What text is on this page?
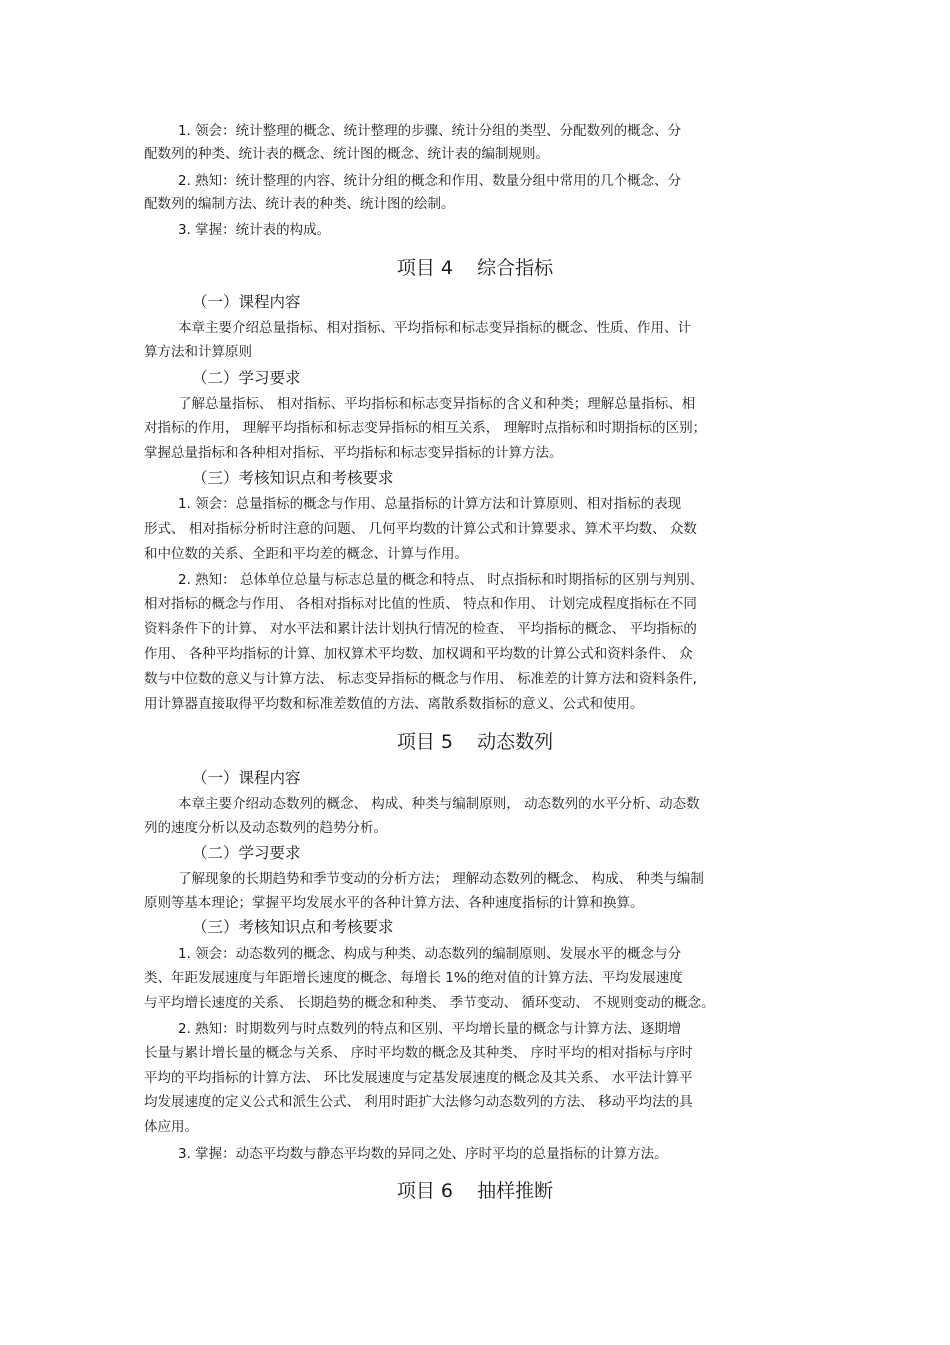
1. 领会：统计整理的概念、统计整理的步骤、统计分组的类型、分配数列的概念、分
配数列的种类、统计表的概念、统计图的概念、统计表的编制规则。
2. 熟知：统计整理的内容、统计分组的概念和作用、数量分组中常用的几个概念、分
配数列的编制方法、统计表的种类、统计图的绘制。
3. 掌握：统计表的构成。
项目 4    综合指标
（一）课程内容
本章主要介绍总量指标、相对指标、平均指标和标志变异指标的概念、性质、作用、计
算方法和计算原则
（二）学习要求
了解总量指标、 相对指标、平均指标和标志变异指标的含义和种类；理解总量指标、相
对指标的作用， 理解平均指标和标志变异指标的相互关系， 理解时点指标和时期指标的区别；
掌握总量指标和各种相对指标、平均指标和标志变异指标的计算方法。
（三）考核知识点和考核要求
1. 领会：总量指标的概念与作用、总量指标的计算方法和计算原则、相对指标的表现
形式、 相对指标分析时注意的问题、 几何平均数的计算公式和计算要求、算术平均数、 众数
和中位数的关系、全距和平均差的概念、计算与作用。
2. 熟知： 总体单位总量与标志总量的概念和特点、 时点指标和时期指标的区别与判别、
相对指标的概念与作用、 各相对指标对比值的性质、 特点和作用、 计划完成程度指标在不同
资料条件下的计算、 对水平法和累计法计划执行情况的检查、 平均指标的概念、 平均指标的
作用、 各种平均指标的计算、加权算术平均数、加权调和平均数的计算公式和资料条件、 众
数与中位数的意义与计算方法、 标志变异指标的概念与作用、 标准差的计算方法和资料条件,
用计算器直接取得平均数和标准差数值的方法、离散系数指标的意义、公式和使用。
项目 5    动态数列
（一）课程内容
本章主要介绍动态数列的概念、 构成、种类与编制原则， 动态数列的水平分析、动态数
列的速度分析以及动态数列的趋势分析。
（二）学习要求
了解现象的长期趋势和季节变动的分析方法； 理解动态数列的概念、 构成、 种类与编制
原则等基本理论；掌握平均发展水平的各种计算方法、各种速度指标的计算和换算。
（三）考核知识点和考核要求
1. 领会：动态数列的概念、构成与种类、动态数列的编制原则、发展水平的概念与分
类、年距发展速度与年距增长速度的概念、每增长 1%的绝对值的计算方法、平均发展速度
与平均增长速度的关系、 长期趋势的概念和种类、 季节变动、 循环变动、 不规则变动的概念。
2. 熟知：时期数列与时点数列的特点和区别、平均增长量的概念与计算方法、逐期增
长量与累计增长量的概念与关系、 序时平均数的概念及其种类、 序时平均的相对指标与序时
平均的平均指标的计算方法、 环比发展速度与定基发展速度的概念及其关系、 水平法计算平
均发展速度的定义公式和派生公式、 利用时距扩大法修匀动态数列的方法、 移动平均法的具
体应用。
3. 掌握：动态平均数与静态平均数的异同之处、序时平均的总量指标的计算方法。
项目 6    抽样推断
